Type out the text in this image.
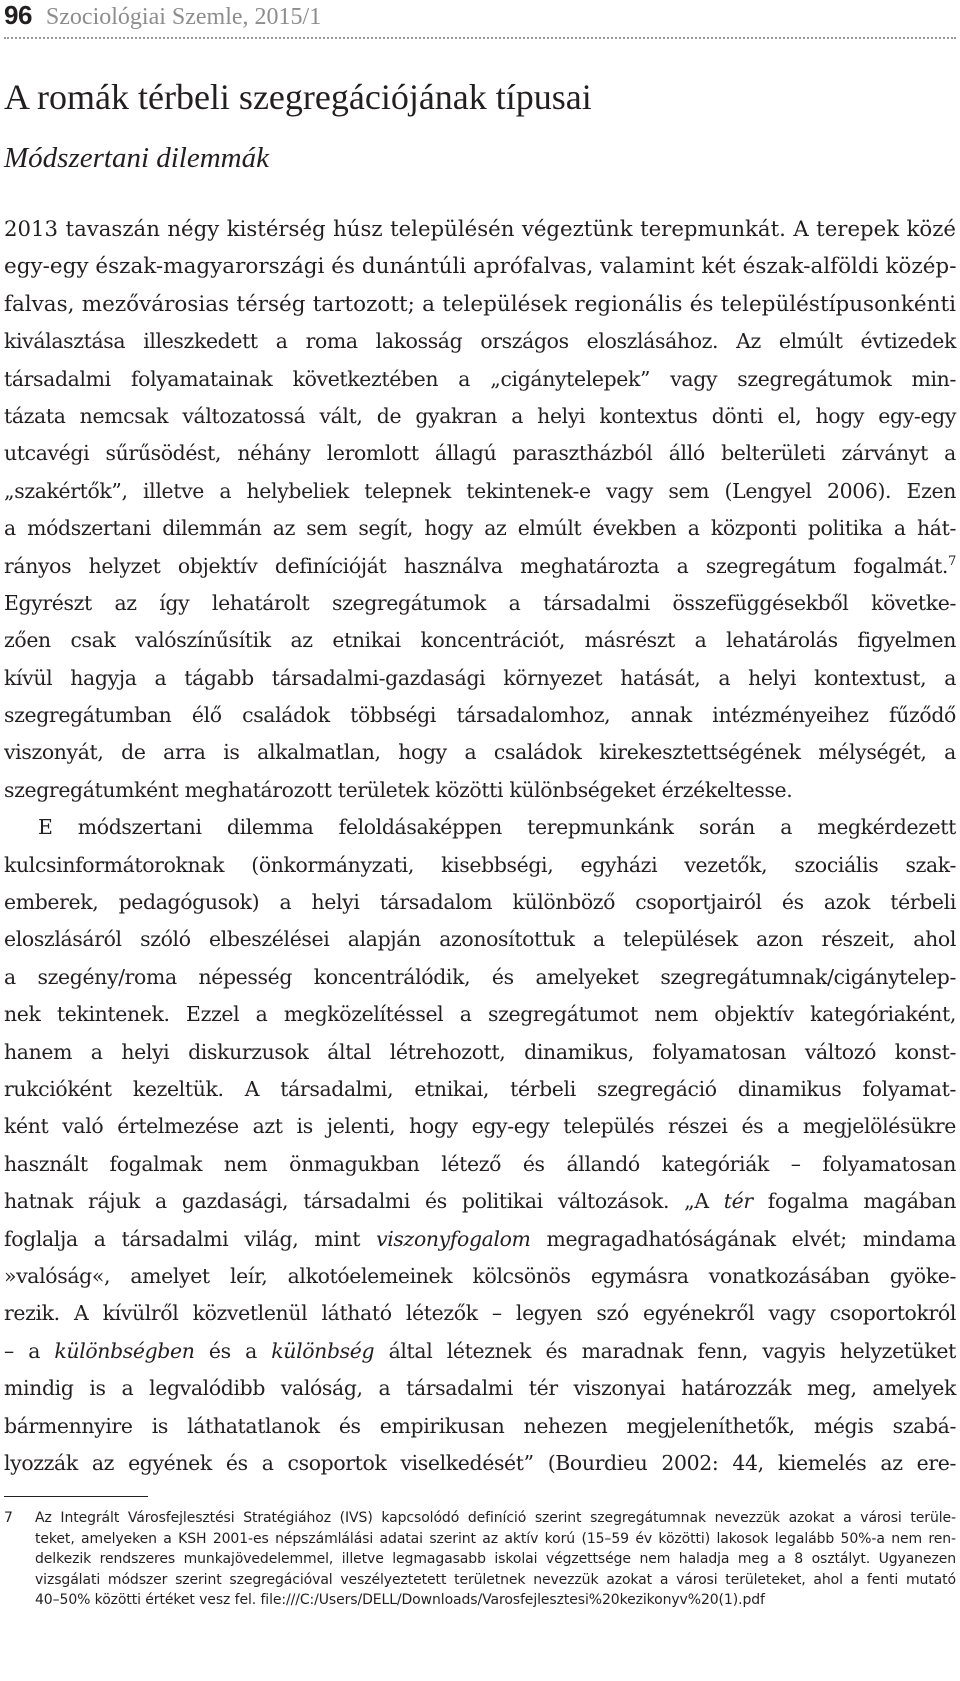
96 Szociológiai Szemle, 2015/1
A romák térbeli szegregációjának típusai
Módszertani dilemmák
2013 tavaszán négy kistérség húsz településén végeztünk terepmunkát. A terepek közé
egy-egy észak-magyarországi és dunántúli aprófalvas, valamint két észak-alföldi közép-
falvas, mezővárosias térség tartozott; a települések regionális és településtípusonkénti
kiválasztása illeszkedett a roma lakosság országos eloszlásához. Az elmúlt évtizedek
társadalmi folyamatainak következtében a „cigánytelepek” vagy szegregátumok min-
tázata nemcsak változatossá vált, de gyakran a helyi kontextus dönti el, hogy egy-egy
utcavégi sűrűsödést, néhány leromlott állagú parasztházból álló belterületi zárványt a
„szakértők”, illetve a helybeliek telepnek tekintenek-e vagy sem (Lengyel 2006). Ezen
a módszertani dilemmán az sem segít, hogy az elmúlt években a központi politika a hát-
rányos helyzet objektív definícióját használva meghatározta a szegregátum fogalmát.$^7$
Egyrészt az így lehatárolt szegregátumok a társadalmi összefüggésekből követke-
zően csak valószínűsítik az etnikai koncentrációt, másrészt a lehatárolás figyelmen
kívül hagyja a tágabb társadalmi-gazdasági környezet hatását, a helyi kontextust, a
szegregátumban élő családok többségi társadalomhoz, annak intézményeihez fűződő
viszonyát, de arra is alkalmatlan, hogy a családok kirekesztettségének mélységét, a
szegregátumként meghatározott területek közötti különbségeket érzékeltesse.
E módszertani dilemma feloldásaképpen terepmunkánk során a megkérdezett
kulcsinformátoroknak (önkormányzati, kisebbségi, egyházi vezetők, szociális szak-
emberek, pedagógusok) a helyi társadalom különböző csoportjairól és azok térbeli
eloszlásáról szóló elbeszélései alapján azonosítottuk a települések azon részeit, ahol
a szegény/roma népesség koncentrálódik, és amelyeket szegregátumnak/cigánytelep-
nek tekintenek. Ezzel a megközelítéssel a szegregátumot nem objektív kategóriaként,
hanem a helyi diskurzusok által létrehozott, dinamikus, folyamatosan változó konst-
rukcióként kezeltük. A társadalmi, etnikai, térbeli szegregáció dinamikus folyamat-
ként való értelmezése azt is jelenti, hogy egy-egy település részei és a megjelölésükre
használt fogalmak nem önmagukban létező és állandó kategóriák – folyamatosan
hatnak rájuk a gazdasági, társadalmi és politikai változások. „A tér fogalma magában
foglalja a társadalmi világ, mint viszonyfogalom megragadhatóságának elvét; mindama
»valóság«, amelyet leír, alkotóelemeinek kölcsönös egymásra vonatkozásában gyöke-
rezik. A kívülről közvetlenül látható létezők – legyen szó egyénekről vagy csoportokról
– a különbségben és a különbség által léteznek és maradnak fenn, vagyis helyzetüket
mindig is a legvalódibb valóság, a társadalmi tér viszonyai határozzák meg, amelyek
bármennyire is láthatatlanok és empirikusan nehezen megjeleníthetők, mégis szabá-
lyozzák az egyének és a csoportok viselkedését” (Bourdieu 2002: 44, kiemelés az ere-
7 Az Integrált Városfejlesztési Stratégiához (IVS) kapcsolódó definíció szerint szegregátumnak nevezzük azokat a városi terüle-
teket, amelyeken a KSH 2001-es népszámlálási adatai szerint az aktív korú (15–59 év közötti) lakosok legalább 50%-a nem ren-
delkezik rendszeres munkajövedelemmel, illetve legmagasabb iskolai végzettsége nem haladja meg a 8 osztályt. Ugyanezen
vizsgálati módszer szerint szegregációval veszélyeztetett területnek nevezzük azokat a városi területeket, ahol a fenti mutató
40–50% közötti értéket vesz fel. file:///C:/Users/DELL/Downloads/Varosfejlesztesi%20kezikonyv%20(1).pdf
